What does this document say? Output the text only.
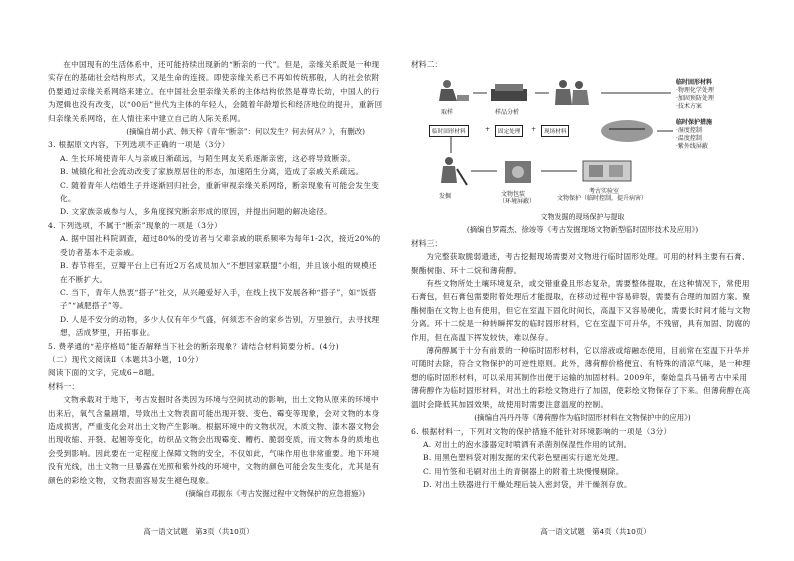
在中国现有的生活体系中，还可能持续出现新的“断亲的一代”。但是，亲缘关系既是一种现实存在的基础社会结构形式，又是生命的连接。即使亲缘关系已不再如传统那般，人的社会依附仍要通过亲缘关系网络来建立。在中国社会里亲缘关系的主体结构依然是尊卑长幼，中国人的行为逻辑也没有改变，以“00后”世代为主体的年轻人，会随着年龄增长和经济地位的提升，重新回归亲缘关系网络，在人情往来中建立自己的人际关系网。

(摘编自胡小武、韩天梓《青年“断亲”：何以发生？何去何从？》，有删改)

3. 根据原文内容，下列选项不正确的一项是（3分）

A. 生长环境使青年人与亲戚日渐疏远，与陌生网友关系逐渐亲密，这必将导致断亲。

B. 城镇化和社会流动改变了家族原居住的形态，加速陌生分离，造成了亲戚关系疏远。

C. 随着青年人结婚生子并逐渐回归社会，重新审视亲缘关系网络，断亲现象有可能会发生变化。

D. 文家族亲戚参与人，多角度探究断亲形成的原因，并提出问题的解决途径。

4. 下列选项，不属于“断亲”现象的一项是（3分）

A. 据中国社科院调查，超过80%的受访者与父辈亲戚的联系频率为每年1-2次，接近20%的受访者基本不走亲戚。

B. 春节将至，豆瓣平台上已有近2万名成员加入“不想回家联盟”小组，并且该小组的规模还在不断扩大。

C. 当下，青年人热衷“搭子”社交，从兴趣爱好入手，在线上找下发展各种“搭子”，如“饭搭子”“减肥搭子”等。

D. 人是不安分的动物，多少人仅有年少气盛，何须恋不舍的家乡告别，万里独行，去寻找理想，活成梦里，开拓事业。

5. 费孝通的“差序格局”能否解释当下社会的断亲现象？请结合材料简要分析。(4分)

（二）现代文阅读Ⅱ（本题共3小题，10分）

阅读下面的文字，完成6~8题。

材料一：

文物承载对于地下，考古发掘时各类因为环境与空间扰动的影响，出土文物从原来的环境中出来后，氧气含量剧增，导致出土文物表面可能出现开裂、变色、霉变等现象，会对文物的本身造成损害，严重变化会对出土文物产生影响。根据环境中的文物状况，木质文物、漆木器文物会出现收缩、开裂、起翘等变化，纺织品文物会出现霉变、糟朽、脆弱变质，而文物本身的质地也会受到影响。因此要在一定程度上保障文物的安全，不仅如此，气味作用也非常重要。地下环境没有光线，出土文物一旦暴露在光照和紫外线的环境中，文物的颜色可能会发生变化，尤其是有颜色的彩绘文物，文物表面容易发生褪色现象。

(摘编自邓振东《考古发掘过程中文物保护的应急措施》)

高一语文试题　第3页（共10页）

材料二：

取样	样品分析
临时固形材料
·物理化学处理
·加固预防处理
·技术方案
临时固形材料	+	固定处理	+	现场材料
临时保护措施
·湿度控制
·温度控制
·紫外线屏蔽
发掘	文物包装
（环境屏蔽）
考古实验室
文物保护（临时控制，提升病害）

文物发掘的现场保护与提取

(摘编自罗霞杰、徐竣等《考古发掘现场文物新型临时固形技术及应用》)

材料三：

为完整获取脆弱遗迹，考古挖掘现场需要对文物进行临时固形处理。可用的材料主要有石膏、聚酯树脂、环十二烷和薄荷醇。

有些文物所处土壤环境复杂，或交错重叠且形态复杂，需要整体提取，在这种情况下，常使用石膏包，但石膏包需要附着处理后才能提取，在移动过程中容易碎裂，需要有合理的加固方案。聚酯树脂在文物上也有使用，但它在室温下固化时间长，高温下又容易硬化，需要长时间才能与文物分离。环十二烷是一种转瞬挥发的临时固形材料，它在室温下可升华，不残留，具有加固、防腐的作用，但在高温下挥发较快，难以保存。

薄荷醇属于十分有前景的一种临时固形材料，它以溶液或熔融态使用，目前常在室温下升华并可随时去除，符合文物保护的可逆性原则。此外，薄荷醇价格便宜、有特殊的清凉气味，是一种理想的临时固形材料，可以采用其制作出便于运输的加固材料。2009年，秦始皇兵马俑考古中采用薄荷醇作为临时固形材料，对出土的彩绘文物进行了加固，使彩绘文物保存了下来。但薄荷醇在高温时会降低其加固效果，故使用时需要注意温度的控制。

(摘编自冯丹丹等《薄荷醇作为临时固形材料在文物保护中的应用》)

6. 根据材料一，下列对文物的保护措施不能针对环境影响的一项是（3分）

A. 对出土的泡水漆器定时喷洒有杀菌剂保湿性作用的试剂。

B. 用黑色塑料袋对刚发掘的宋代彩色壁画实行遮光处理。

C. 用竹签和毛刷对出土的青铜器上的附着土块慢慢剔除。

D. 对出土铁器进行干燥处理后装入密封袋，并干燥剂存放。

高一语文试题　第4页（共10页）
